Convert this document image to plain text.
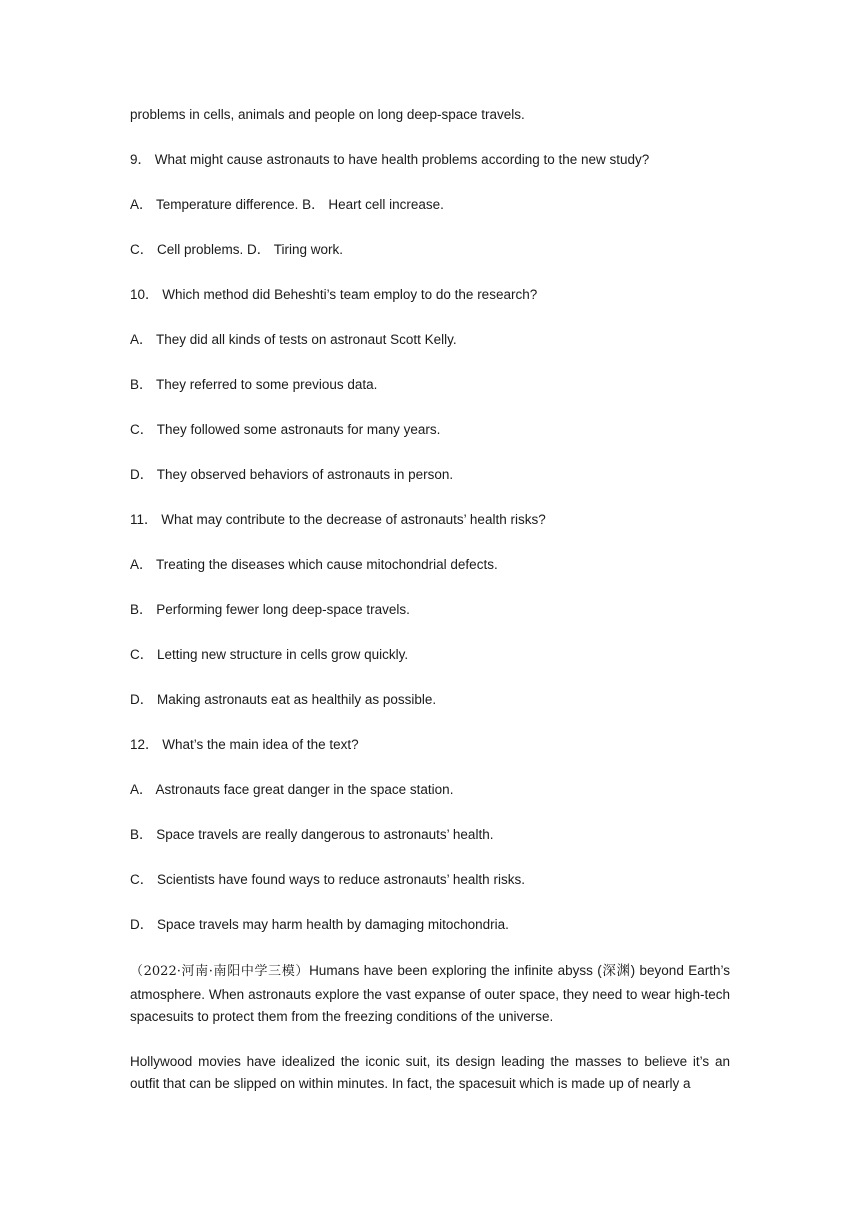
problems in cells, animals and people on long deep-space travels.
9． What might cause astronauts to have health problems according to the new study?
A． Temperature difference. B． Heart cell increase.
C． Cell problems. D． Tiring work.
10． Which method did Beheshti’s team employ to do the research?
A． They did all kinds of tests on astronaut Scott Kelly.
B． They referred to some previous data.
C． They followed some astronauts for many years.
D． They observed behaviors of astronauts in person.
11． What may contribute to the decrease of astronauts’ health risks?
A． Treating the diseases which cause mitochondrial defects.
B． Performing fewer long deep-space travels.
C． Letting new structure in cells grow quickly.
D． Making astronauts eat as healthily as possible.
12． What’s the main idea of the text?
A． Astronauts face great danger in the space station.
B． Space travels are really dangerous to astronauts’ health.
C． Scientists have found ways to reduce astronauts’ health risks.
D． Space travels may harm health by damaging mitochondria.

（2022·河南·南阳中学三模）Humans have been exploring the infinite abyss (深渊) beyond Earth’s atmosphere. When astronauts explore the vast expanse of outer space, they need to wear high-tech spacesuits to protect them from the freezing conditions of the universe.

Hollywood movies have idealized the iconic suit, its design leading the masses to believe it’s an outfit that can be slipped on within minutes. In fact, the spacesuit which is made up of nearly a
